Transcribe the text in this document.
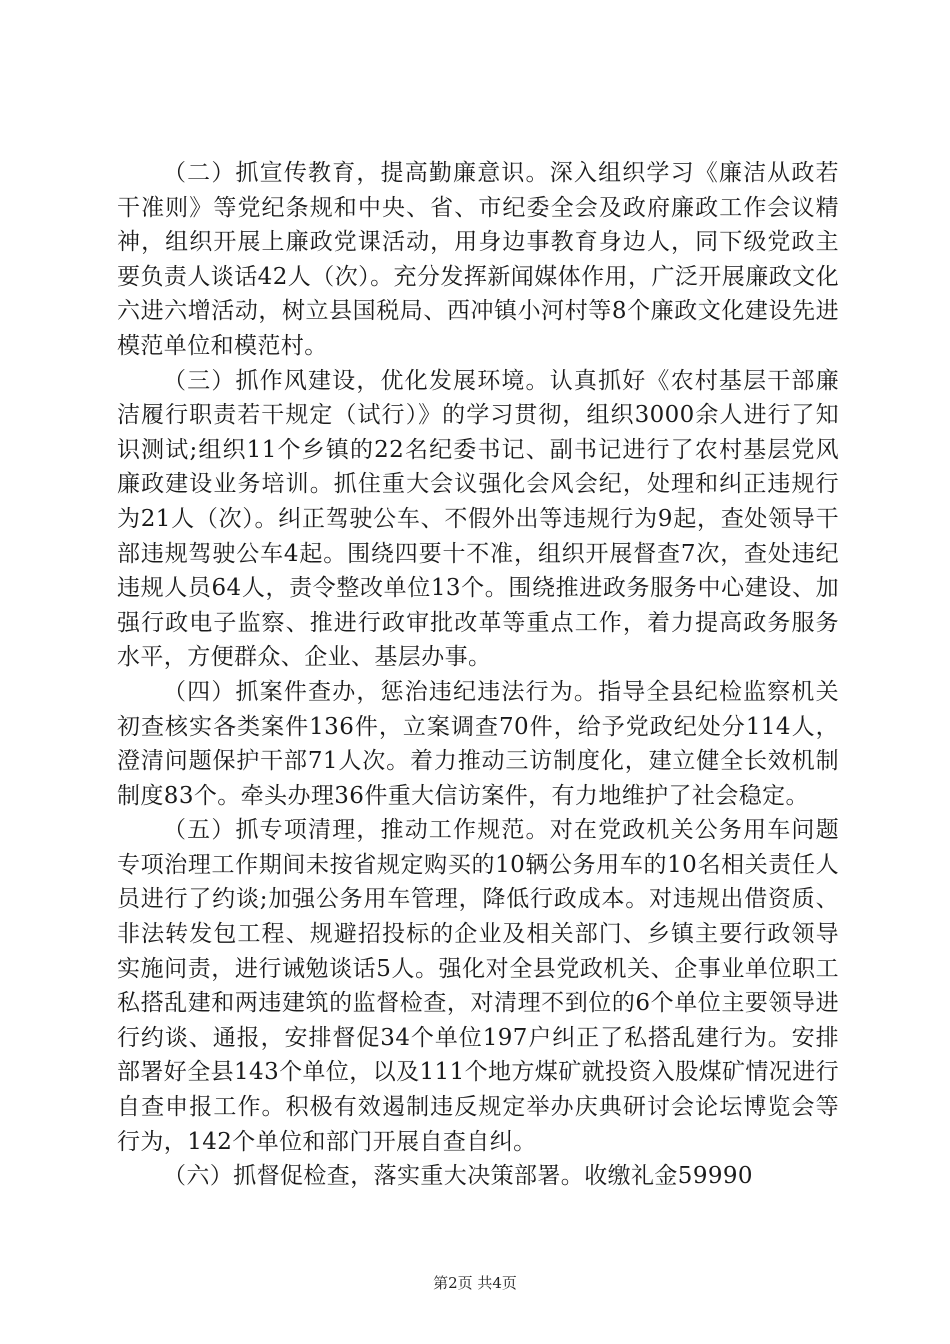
（二）抓宣传教育，提高勤廉意识。深入组织学习《廉洁从政若干准则》等党纪条规和中央、省、市纪委全会及政府廉政工作会议精神，组织开展上廉政党课活动，用身边事教育身边人，同下级党政主要负责人谈话42人（次）。充分发挥新闻媒体作用，广泛开展廉政文化六进六增活动，树立县国税局、西冲镇小河村等8个廉政文化建设先进模范单位和模范村。

（三）抓作风建设，优化发展环境。认真抓好《农村基层干部廉洁履行职责若干规定（试行）》的学习贯彻，组织3000余人进行了知识测试;组织11个乡镇的22名纪委书记、副书记进行了农村基层党风廉政建设业务培训。抓住重大会议强化会风会纪，处理和纠正违规行为21人（次）。纠正驾驶公车、不假外出等违规行为9起，查处领导干部违规驾驶公车4起。围绕四要十不准，组织开展督查7次，查处违纪违规人员64人，责令整改单位13个。围绕推进政务服务中心建设、加强行政电子监察、推进行政审批改革等重点工作，着力提高政务服务水平，方便群众、企业、基层办事。

（四）抓案件查办，惩治违纪违法行为。指导全县纪检监察机关初查核实各类案件136件，立案调查70件，给予党政纪处分114人，澄清问题保护干部71人次。着力推动三访制度化，建立健全长效机制制度83个。牵头办理36件重大信访案件，有力地维护了社会稳定。

（五）抓专项清理，推动工作规范。对在党政机关公务用车问题专项治理工作期间未按省规定购买的10辆公务用车的10名相关责任人员进行了约谈;加强公务用车管理，降低行政成本。对违规出借资质、非法转发包工程、规避招投标的企业及相关部门、乡镇主要行政领导实施问责，进行诫勉谈话5人。强化对全县党政机关、企事业单位职工私搭乱建和两违建筑的监督检查，对清理不到位的6个单位主要领导进行约谈、通报，安排督促34个单位197户纠正了私搭乱建行为。安排部署好全县143个单位，以及111个地方煤矿就投资入股煤矿情况进行自查申报工作。积极有效遏制违反规定举办庆典研讨会论坛博览会等行为，142个单位和部门开展自查自纠。

（六）抓督促检查，落实重大决策部署。收缴礼金59990

第2页 共4页
